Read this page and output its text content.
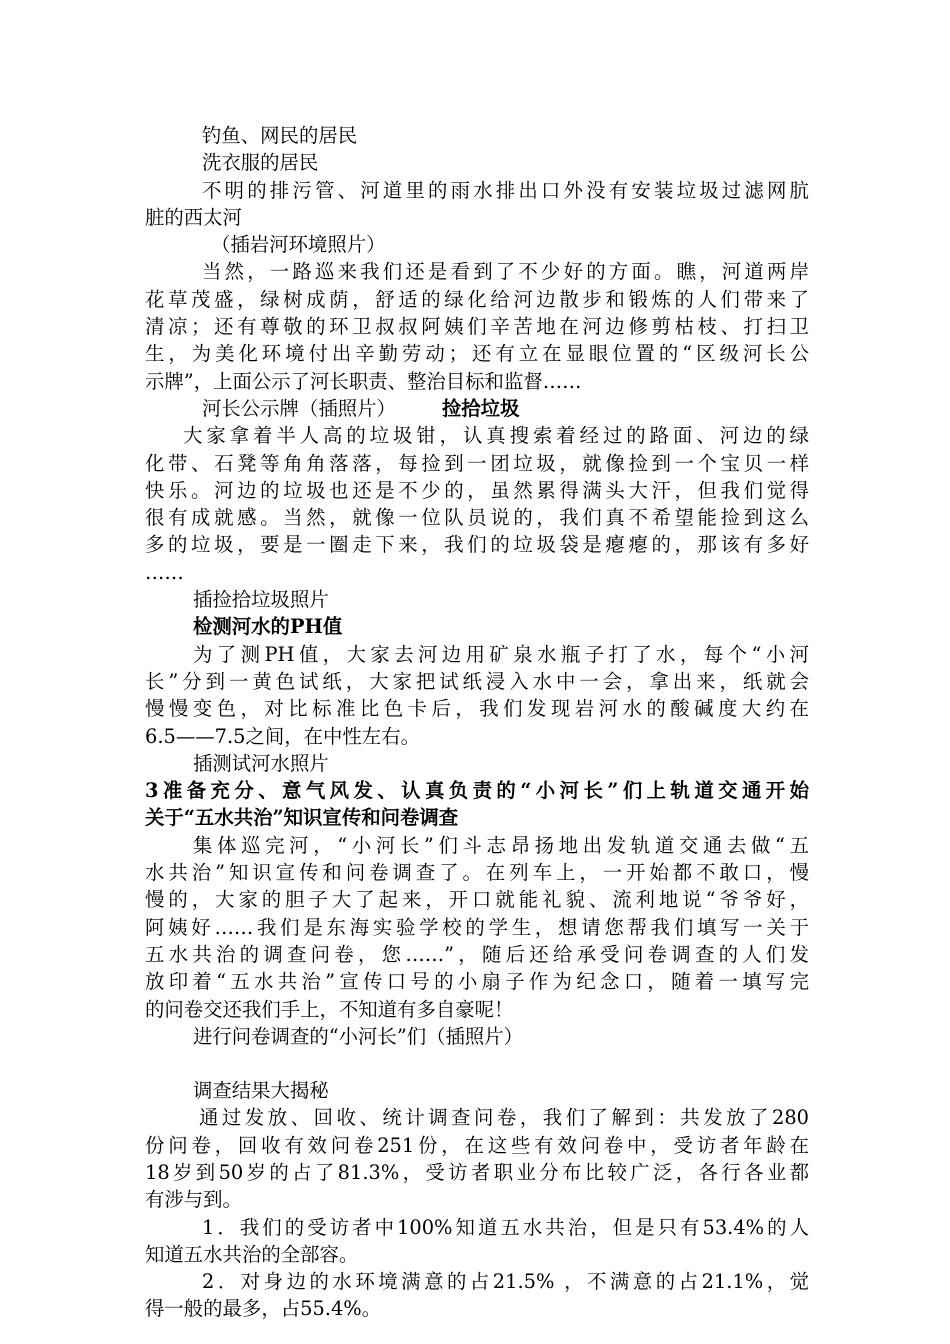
钓鱼、网民的居民

洗衣服的居民

不明的排污管、河道里的雨水排出口外没有安装垃圾过滤网肮

脏的西太河

（插岩河环境照片）

当然，一路巡来我们还是看到了不少好的方面。瞧，河道两岸

花草茂盛，绿树成荫，舒适的绿化给河边散步和锻炼的人们带来了

清凉；还有尊敬的环卫叔叔阿姨们辛苦地在河边修剪枯枝、打扫卫

生，为美化环境付出辛勤劳动；还有立在显眼位置的“区级河长公

示牌”，上面公示了河长职责、整治目标和监督……

河长公示牌（插照片） 捡拾垃圾

大家拿着半人高的垃圾钳，认真搜索着经过的路面、河边的绿

化带、石凳等角角落落，每捡到一团垃圾，就像捡到一个宝贝一样

快乐。河边的垃圾也还是不少的，虽然累得满头大汗，但我们觉得

很有成就感。当然，就像一位队员说的，我们真不希望能捡到这么

多的垃圾，要是一圈走下来，我们的垃圾袋是瘪瘪的，那该有多好

……

插捡拾垃圾照片

检测河水的PH值

为了测PH值，大家去河边用矿泉水瓶子打了水，每个“小河

长”分到一黄色试纸，大家把试纸浸入水中一会，拿出来，纸就会

慢慢变色，对比标准比色卡后，我们发现岩河水的酸碱度大约在

6.5——7.5之间，在中性左右。

插测试河水照片

3准备充分、意气风发、认真负责的“小河长”们上轨道交通开始

关于“五水共治”知识宣传和问卷调查

集体巡完河，“小河长”们斗志昂扬地出发轨道交通去做“五

水共治”知识宣传和问卷调查了。在列车上，一开始都不敢口，慢

慢的，大家的胆子大了起来，开口就能礼貌、流利地说“爷爷好，

阿姨好……我们是东海实验学校的学生，想请您帮我们填写一关于

五水共治的调查问卷，您……”，随后还给承受问卷调查的人们发

放印着“五水共治”宣传口号的小扇子作为纪念口，随着一填写完

的问卷交还我们手上，不知道有多自豪呢！

进行问卷调查的“小河长”们（插照片）

调查结果大揭秘

通过发放、回收、统计调查问卷，我们了解到：共发放了280

份问卷，回收有效问卷251份，在这些有效问卷中，受访者年龄在

18岁到50岁的占了81.3%，受访者职业分布比较广泛，各行各业都

有涉与到。

1．我们的受访者中100%知道五水共治，但是只有53.4%的人

知道五水共治的全部容。

2．对身边的水环境满意的占21.5% ，不满意的占21.1%，觉

得一般的最多，占55.4%。
